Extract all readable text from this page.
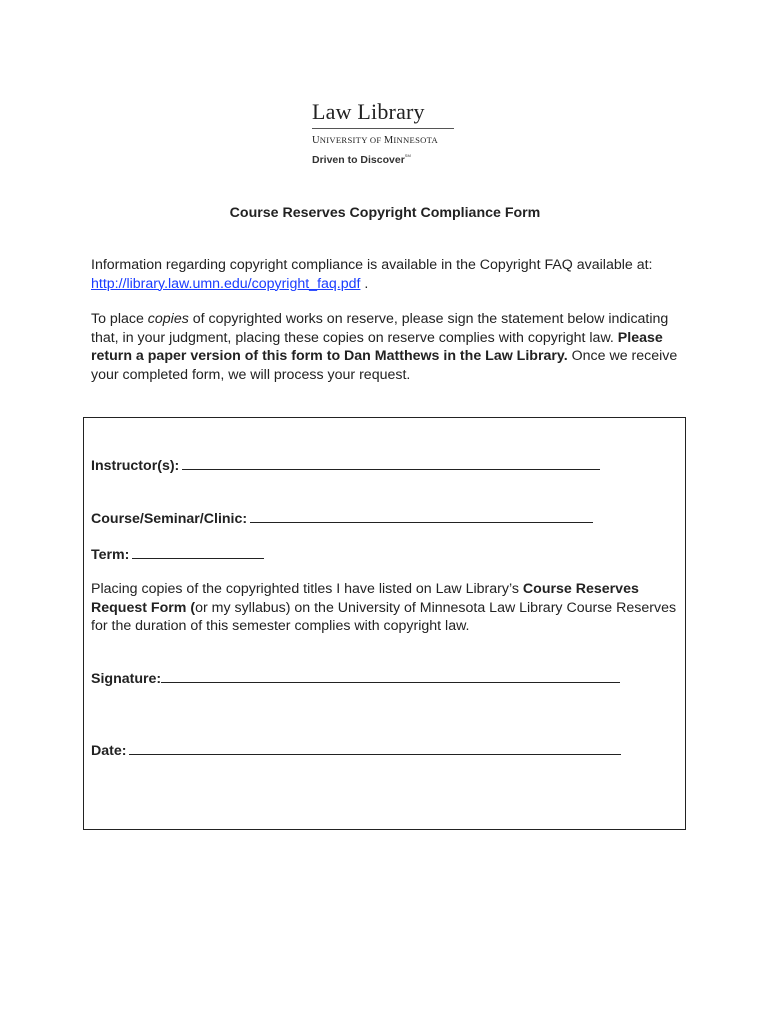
Law Library
UNIVERSITY OF MINNESOTA
Driven to Discover℠
Course Reserves Copyright Compliance Form
Information regarding copyright compliance is available in the Copyright FAQ available at: http://library.law.umn.edu/copyright_faq.pdf .
To place copies of copyrighted works on reserve, please sign the statement below indicating that, in your judgment, placing these copies on reserve complies with copyright law. Please return a paper version of this form to Dan Matthews in the Law Library. Once we receive your completed form, we will process your request.
Instructor(s):
Course/Seminar/Clinic:
Term:
Placing copies of the copyrighted titles I have listed on Law Library’s Course Reserves Request Form (or my syllabus) on the University of Minnesota Law Library Course Reserves for the duration of this semester complies with copyright law.
Signature:
Date:
